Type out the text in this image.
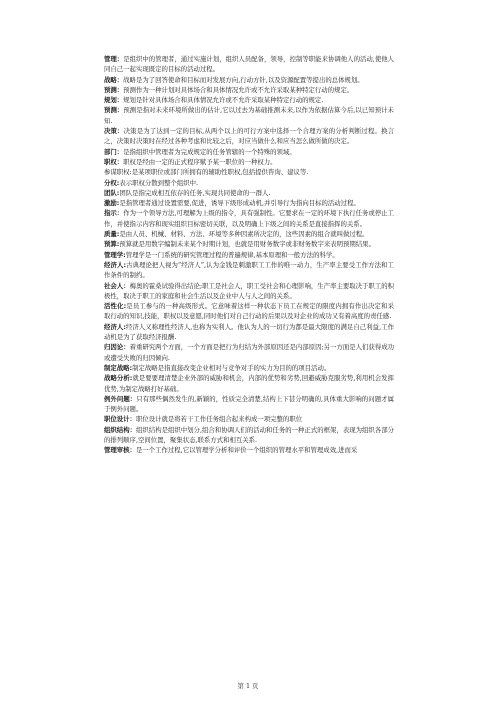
管理：是组织中的管理者，通过实施计划，组织人员配备，领导，控制等职能来协调他人的活动,使他人同自己一起实现既定的目标的活动过程。

战略：战略是为了回答使命和目标而对发展方向,行动方针,以及资源配置等提出的总体规划。

预测：预测作为一种计划对具体场合和具体情况允许或不允许采取某种特定行动的规定。

规划：规划是针对具体场合和具体情况允许或不允许采取某种特定行动的规定.

预测：预测是指对未来环境所做出的估计,它以过去为基础推测未来,以作为依据估算今后,以已知预计未知.

决策：决策是为了达到一定的目标,从两个以上的可行方案中选择一个合理方案的分析判断过程。换言之，决策时决策时在经过各种考虑和比较之后，对应当做什么和应当怎么做所做的决定。

部门：是指组织中管理者为完成规定的任务管辖的一个特殊的领域。

职权：职权是经由一定的正式程序赋予某一职位的一种权力。

参谋职权:是某项职位或部门所拥有的辅助性职权,包括提供咨询、建议等.

分权:表示职权分散到整个组织中.

团队:团队是指完成相互依存的任务,实现共同使命的一群人.

激励:是指管理者通过设置需要,促进，诱导下级形成动机,并引导行为指向目标的活动过程。

指示：作为一个领导方法,可理解为上级的指令，具有强制性。它要求在一定的环境下执行任务或停止工作，并使指示内容和现实组织目标密切关联，以及明确上下级之间的关系是直接指挥的关系。

质量:是由人员、机械、材料、方法、环境等多种因素所决定的，这些因素的组合就叫做过程。

预算:预算就是用数字编制未来某个时期计划，也就是用财务数字或非财务数字来表明预期结果。

管理学:管理学是一门系统的研究管理过程的普遍规律,基本原理和一般方法的科学。

经济人:古典理论把人视为“经济人”,认为金钱是刺激职工工作的唯一动力，生产率主要受工作方法和工作条件的制约。

社会人：梅奥的霍桑试验得出结论;职工是社会人，职工受社会和心理影响，生产率主要取决于职工的积极性，取决于职工的家庭和社会生活以及企业中人与人之间的关系。

活性化:是员工参与的一种高级形式。它意味着这样一种状态下员工在规定的限度内拥有作出决定和采取行动的知识,技能，职权以及意愿,同时他们对自己行动的后果以及对企业的成功又有着高度的责任感.

经济人:经济人又称理性经济人,也称为实利人。他认为人的一切行为都是最大限度的满足自己利益,工作动机是为了获取经济报酬.

归因论：着重研究两个方面，一个方面是把行为归结为外部原因还是内部原因;另一方面是人们获得成功或遭受失败的归因倾向.

制定战略:制定战略是指直接改变企业相对与竞争对手的实力为目的的项目活动。

战略分析:就是要要理清楚企业外部的威胁和机会，内部的优势和劣势,回避威胁克服劣势,利用机会发挥优势,为制定战略打好基础。

例外问题：只有那些偶然发生的,新颖的，性质完全清楚,结构上下甚分明确的,具体重大影响的问题才属于例外问题。

职位设计：职位设计就是将若干工作任务组合起来构成一项完整的职位

组织结构：组织结构是组织中划分,组合和协调人们的活动和任务的一种正式的框架，表现为组织各部分的排列顺序,空间位置，聚集状态,联系方式和相互关系.

管理审核：是一个工作过程,它以管理学分析和评价一个组织的管理水平和管理成效,进而采

第 1 页
